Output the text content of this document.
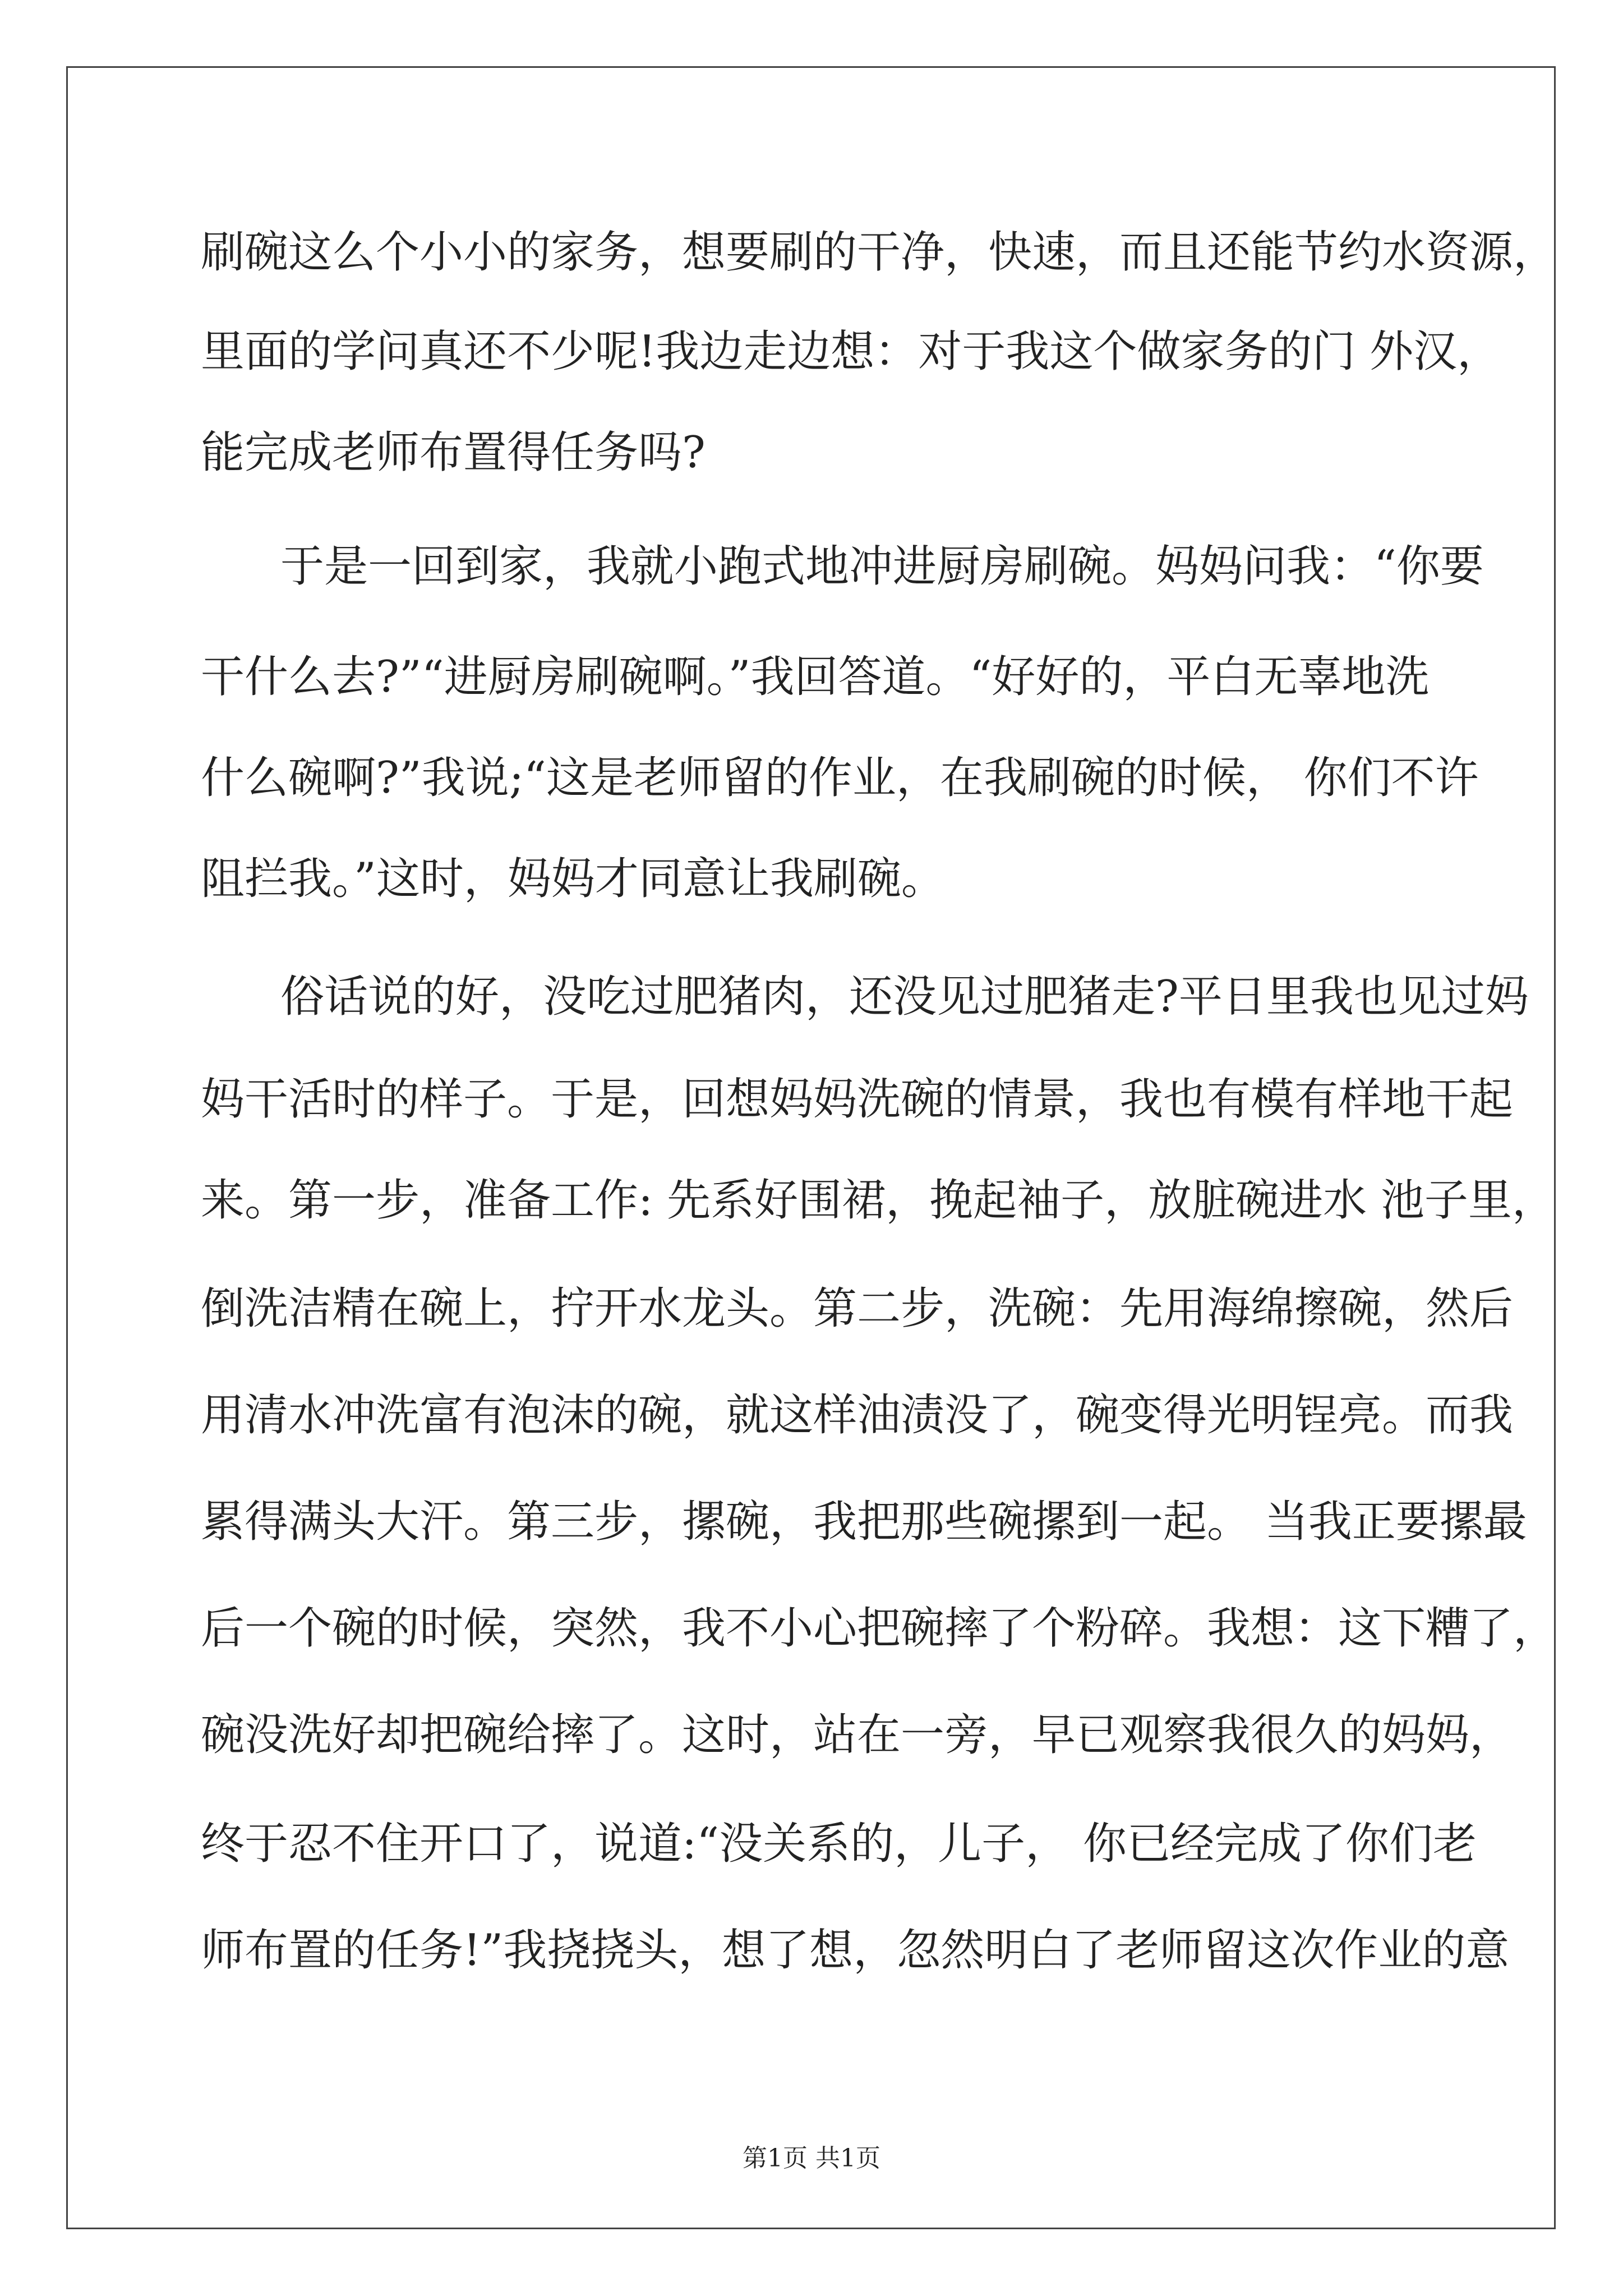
刷碗这么个小小的家务，想要刷的干净，快速，而且还能节约水资源，
里面的学问真还不少呢!我边走边想：对于我这个做家务的门 外汉，
能完成老师布置得任务吗?
于是一回到家，我就小跑式地冲进厨房刷碗。妈妈问我：“你要
干什么去?”“进厨房刷碗啊。”我回答道。“好好的，平白无辜地洗
什么碗啊?”我说;“这是老师留的作业，在我刷碗的时候， 你们不许
阻拦我。”这时，妈妈才同意让我刷碗。
俗话说的好，没吃过肥猪肉，还没见过肥猪走?平日里我也见过妈
妈干活时的样子。于是，回想妈妈洗碗的情景，我也有模有样地干起
来。第一步，准备工作: 先系好围裙，挽起袖子，放脏碗进水 池子里，
倒洗洁精在碗上，拧开水龙头。第二步，洗碗：先用海绵擦碗，然后
用清水冲洗富有泡沫的碗，就这样油渍没了，碗变得光明锃亮。而我
累得满头大汗。第三步，摞碗，我把那些碗摞到一起。 当我正要摞最
后一个碗的时候，突然，我不小心把碗摔了个粉碎。我想：这下糟了，
碗没洗好却把碗给摔了。这时，站在一旁，早已观察我很久的妈妈，
终于忍不住开口了，说道:“没关系的，儿子， 你已经完成了你们老
师布置的任务!”我挠挠头，想了想，忽然明白了老师留这次作业的意
第1页 共1页
